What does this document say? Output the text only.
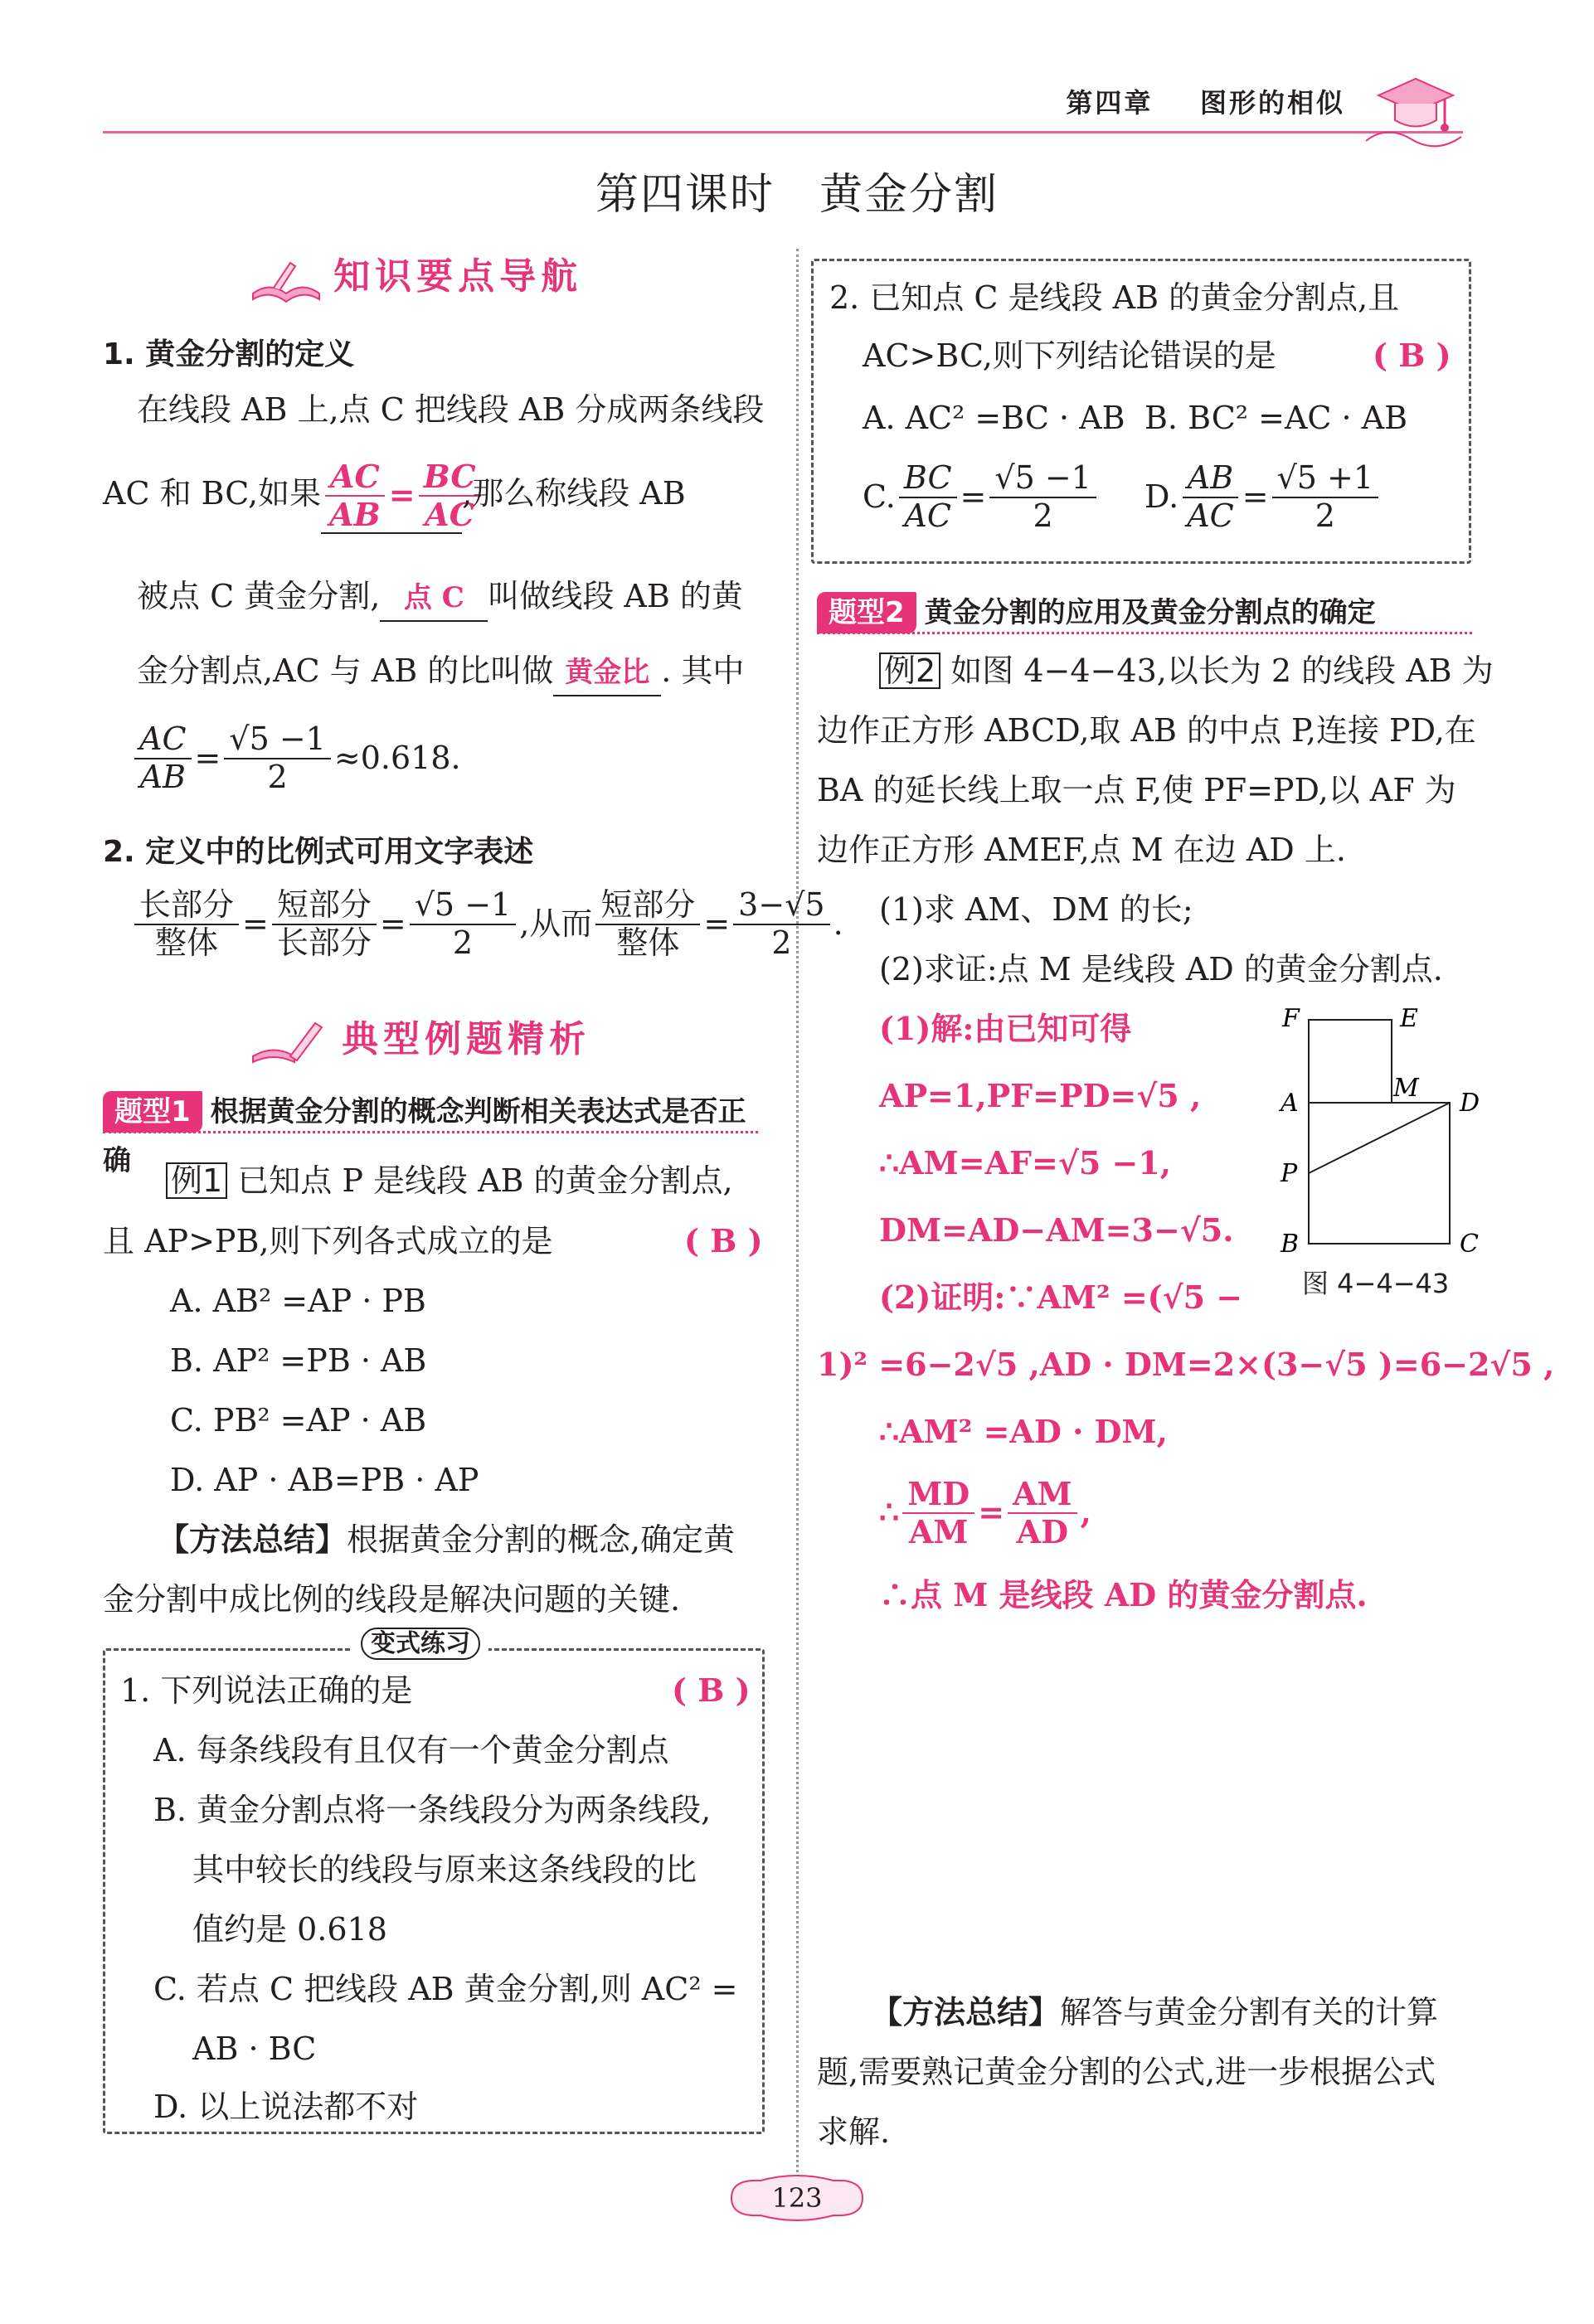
第四章 图形的相似
第四课时　黄金分割
知识要点导航
1. 黄金分割的定义
在线段 AB 上,点 C 把线段 AB 分成两条线段
AC 和 BC,如果 $\frac{AC}{AB} = \frac{BC}{AC}$
,那么称线段 AB
被点 C 黄金分割, 点 C 叫做线段 AB 的黄
金分割点,AC 与 AB 的比叫做 黄金比 . 其中
$\frac{AC}{AB} = \frac{√5 -1}{2} \approx 0.618$.
2. 定义中的比例式可用文字表述
$\frac{\text{长部分}}{\text{整体}} = \frac{\text{短部分}}{\text{长部分}} = \frac{√5 -1}{2}$ ,从而 $\frac{\text{短部分}}{\text{整体}} = \frac{3-√5}{2}$ .
典型例题精析
题型1 根据黄金分割的概念判断相关表达式是否正确
例1 已知点 P 是线段 AB 的黄金分割点,
且 AP>PB,则下列各式成立的是	( B )
A. AB² =AP · PB
B. AP² =PB · AB
C. PB² =AP · AB
D. AP · AB=PB · AP
【方法总结】根据黄金分割的概念,确定黄
金分割中成比例的线段是解决问题的关键.
变式练习
1. 下列说法正确的是	( B )
A. 每条线段有且仅有一个黄金分割点
B. 黄金分割点将一条线段分为两条线段,
其中较长的线段与原来这条线段的比
值约是 0.618
C. 若点 C 把线段 AB 黄金分割,则 AC² =
AB · BC
D. 以上说法都不对
2. 已知点 C 是线段 AB 的黄金分割点,且
AC>BC,则下列结论错误的是	( B )
A. AC² =BC · AB B. BC² =AC · AB
C. $\frac{BC}{AC} = \frac{√5 -1}{2} D$. $\frac{AB}{AC} = \frac{√5 +1}{2}$
题型2 黄金分割的应用及黄金分割点的确定
例2 如图 4−4−43,以长为 2 的线段 AB 为
边作正方形 ABCD,取 AB 的中点 P,连接 PD,在
BA 的延长线上取一点 F,使 PF=PD,以 AF 为
边作正方形 AMEF,点 M 在边 AD 上.
(1)求 AM、DM 的长;
(2)求证:点 M 是线段 AD 的黄金分割点.
(1)解:由已知可得
AP=1,PF=PD=√5 ,
∴AM=AF=√5 −1,
DM=AD−AM=3−√5.
(2)证明:∵AM² =(√5 −
1)² =6−2√5 ,AD · DM=2×(3−√5 )=6−2√5 ,
∴AM² =AD · DM,
∴ $\frac{MD}{AM} = \frac{AM}{AD}$ ,
∴点 M 是线段 AD 的黄金分割点.
F	E
M
A	D
P
B	C
图 4−4−43
【方法总结】解答与黄金分割有关的计算
题,需要熟记黄金分割的公式,进一步根据公式
求解.
123
